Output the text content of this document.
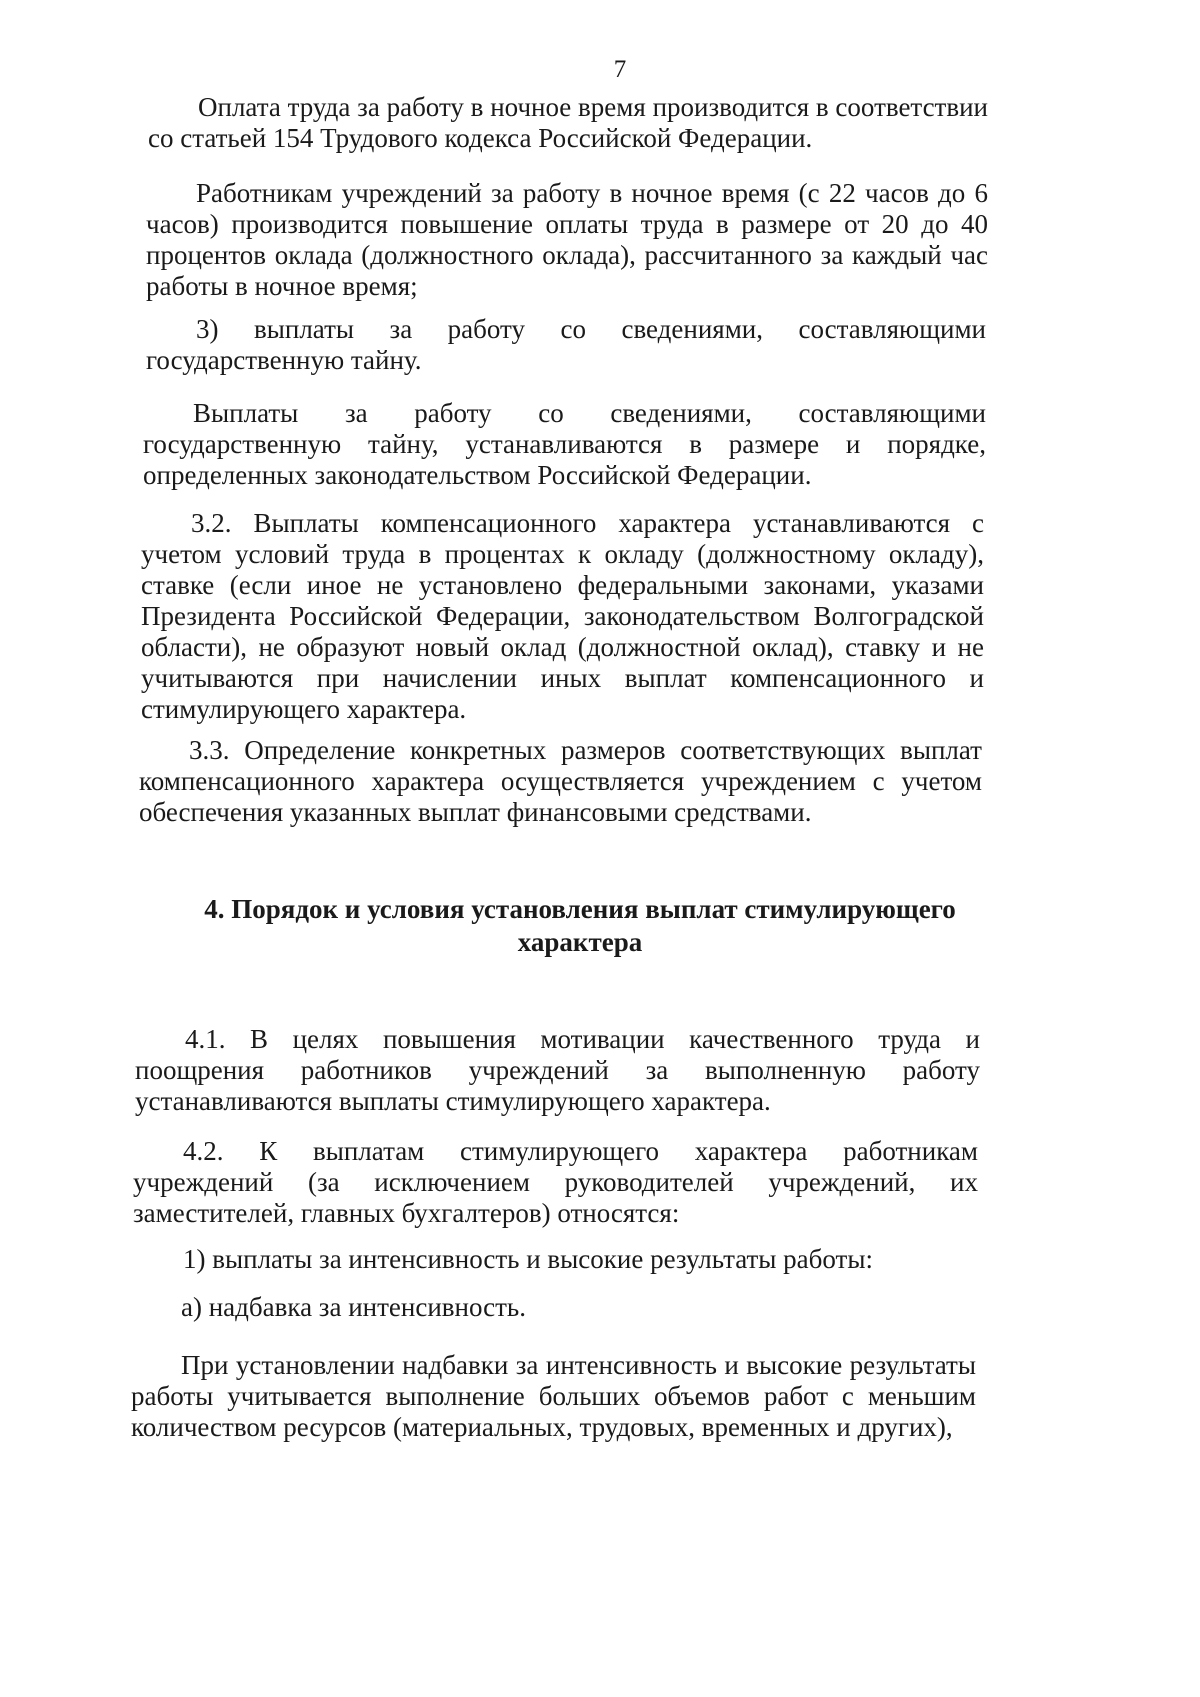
7

Оплата труда за работу в ночное время производится в соответствии со статьей 154 Трудового кодекса Российской Федерации.

Работникам учреждений за работу в ночное время (с 22 часов до 6 часов) производится повышение оплаты труда в размере от 20 до 40 процентов оклада (должностного оклада), рассчитанного за каждый час работы в ночное время;

3) выплаты за работу со сведениями, составляющими государственную тайну.

Выплаты за работу со сведениями, составляющими государственную тайну, устанавливаются в размере и порядке, определенных законодательством Российской Федерации.

3.2. Выплаты компенсационного характера устанавливаются с учетом условий труда в процентах к окладу (должностному окладу), ставке (если иное не установлено федеральными законами, указами Президента Российской Федерации, законодательством Волгоградской области), не образуют новый оклад (должностной оклад), ставку и не учитываются при начислении иных выплат компенсационного и стимулирующего характера.

3.3. Определение конкретных размеров соответствующих выплат компенсационного характера осуществляется учреждением с учетом обеспечения указанных выплат финансовыми средствами.

4. Порядок и условия установления выплат стимулирующего характера

4.1. В целях повышения мотивации качественного труда и поощрения работников учреждений за выполненную работу устанавливаются выплаты стимулирующего характера.

4.2. К выплатам стимулирующего характера работникам учреждений (за исключением руководителей учреждений, их заместителей, главных бухгалтеров) относятся:

1) выплаты за интенсивность и высокие результаты работы:

а) надбавка за интенсивность.

При установлении надбавки за интенсивность и высокие результаты работы учитывается выполнение больших объемов работ с меньшим количеством ресурсов (материальных, трудовых, временных и других),
